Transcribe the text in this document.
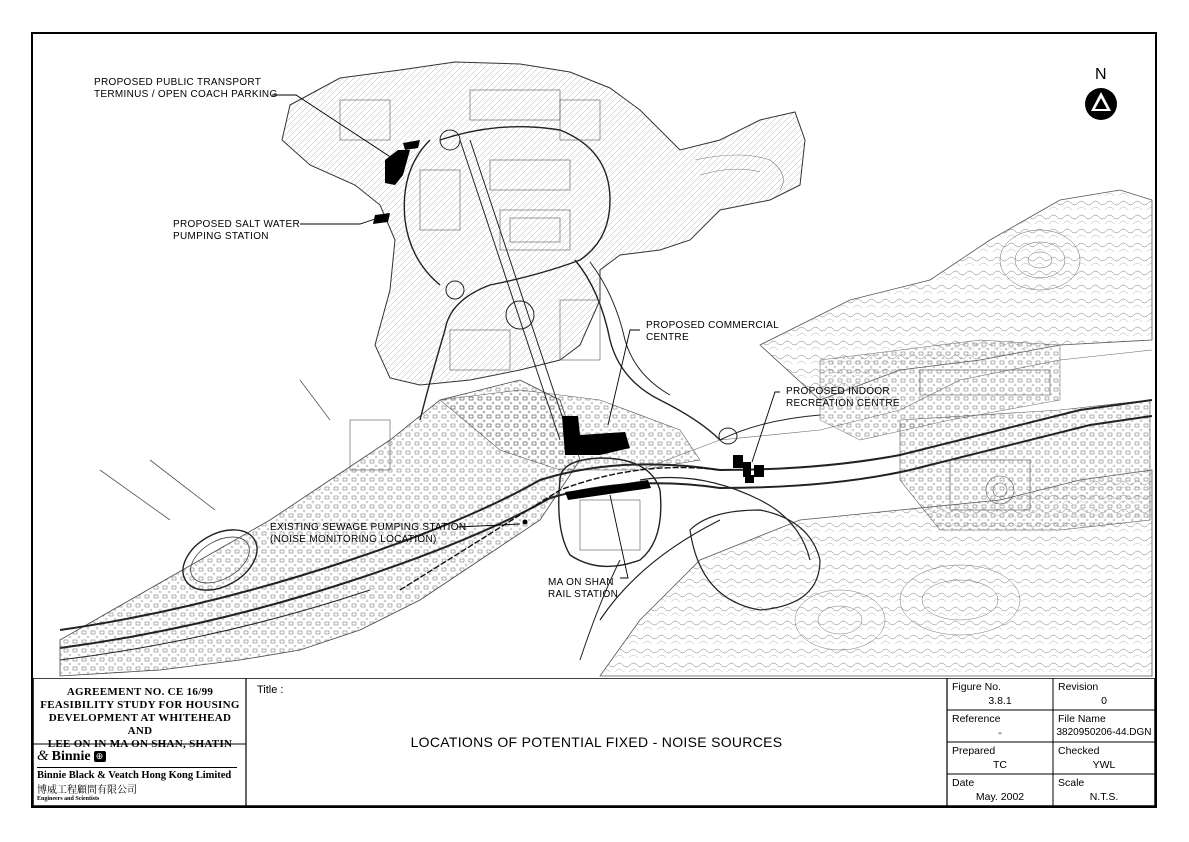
N
PROPOSED PUBLIC TRANSPORT
TERMINUS / OPEN COACH PARKING
PROPOSED SALT WATER
PUMPING STATION
PROPOSED COMMERCIAL
CENTRE
PROPOSED INDOOR
RECREATION CENTRE
EXISTING SEWAGE PUMPING STATION
(NOISE MONITORING LOCATION)
MA ON SHAN
RAIL STATION
AGREEMENT NO. CE 16/99
FEASIBILITY STUDY FOR HOUSING
DEVELOPMENT AT WHITEHEAD AND
LEE ON IN MA ON SHAN, SHATIN
& Binnie ⊕
Binnie Black & Veatch Hong Kong Limited
博威工程顧問有限公司
Engineers and Scientists
Title :
LOCATIONS OF POTENTIAL FIXED - NOISE SOURCES
Figure No.
3.8.1
Revision
0
Reference
-
File Name
3820950206-44.DGN
Prepared
TC
Checked
YWL
Date
May. 2002
Scale
N.T.S.
